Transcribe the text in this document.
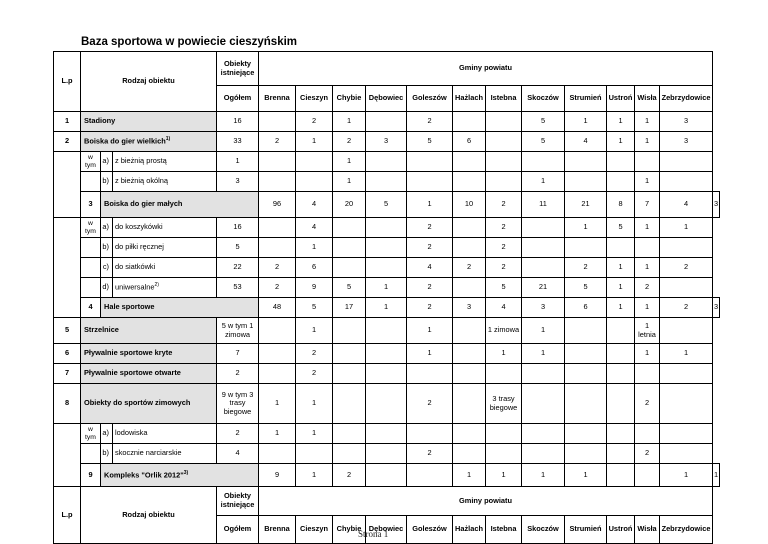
Baza sportowa w powiecie cieszyńskim
L.p	Rodzaj obiektu			Obiekty istniejące	Gminy powiatu												
				Ogółem	Brenna	Cieszyn	Chybie	Dębowiec	Goleszów	Hażlach	Istebna	Skoczów	Strumień	Ustroń	Wisła	Zebrzydowice	
1	Stadiony			16		2	1		2			5	1	1	1	3	
2	Boiska do gier wielkich$^{1)}$			33	2	1	2	3	5	6		5	4	1	1	3	
	w tym	a)	z bieżnią prostą	1			1										
		b)	z bieżnią okólną	3			1					1			1		
	3	Boiska do gier małych			96	4	20	5	1	10	2	11	21	8	7	4	3
	w tym	a)	do koszykówki	16		4			2		2		1	5	1	1	
		b)	do piłki ręcznej	5		1			2		2						
		c)	do siatkówki	22	2	6			4	2	2		2	1	1	2	
		d)	uniwersalne$^{2)}$	53	2	9	5	1	2		5	21	5	1	2		
	4	Hale sportowe			48	5	17	1	2	3	4	3	6	1	1	2	3
5	Strzelnice			5 w tym 1 zimowa		1			1		1 zimowa	1			1 letnia		
6	Pływalnie sportowe kryte			7		2			1		1	1			1	1	
7	Pływalnie sportowe otwarte			2		2											
8	Obiekty do sportów zimowych			9 w tym 3 trasy biegowe	1	1			2		3 trasy biegowe				2		
	w tym	a)	lodowiska	2	1	1											
		b)	skocznie narciarskie	4					2						2		
	9	Kompleks "Orlik 2012"$^{3)}$			9	1	2			1	1	1	1			1	1
L.p	Rodzaj obiektu			Obiekty istniejące	Gminy powiatu												
				Ogółem	Brenna	Cieszyn	Chybie	Dębowiec	Goleszów	Hażlach	Istebna	Skoczów	Strumień	Ustroń	Wisła	Zebrzydowice	
Strona 1
